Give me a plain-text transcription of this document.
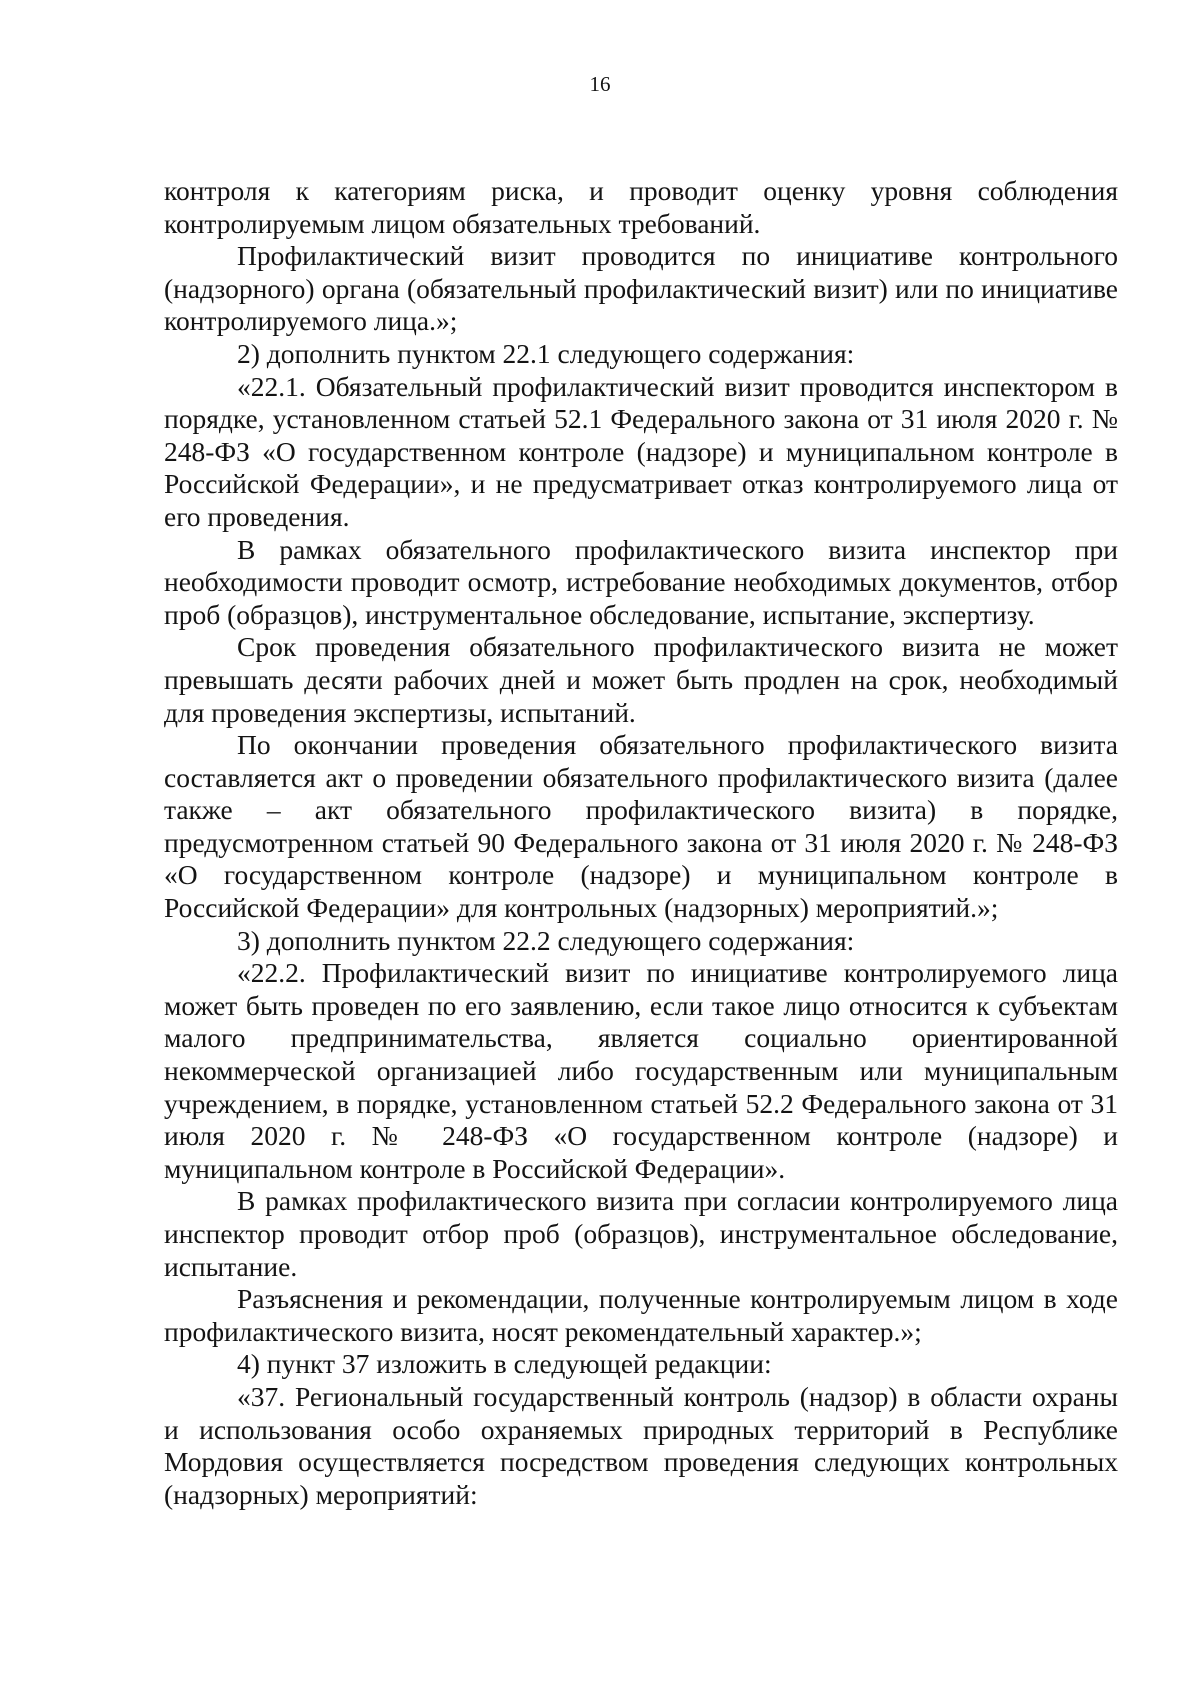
16

контроля к категориям риска, и проводит оценку уровня соблюдения контролируемым лицом обязательных требований.

Профилактический визит проводится по инициативе контрольного (надзорного) органа (обязательный профилактический визит) или по инициативе контролируемого лица.»;

2) дополнить пунктом 22.1 следующего содержания:

«22.1. Обязательный профилактический визит проводится инспектором в порядке, установленном статьей 52.1 Федерального закона от 31 июля 2020 г. № 248-ФЗ «О государственном контроле (надзоре) и муниципальном контроле в Российской Федерации», и не предусматривает отказ контролируемого лица от его проведения.

В рамках обязательного профилактического визита инспектор при необходимости проводит осмотр, истребование необходимых документов, отбор проб (образцов), инструментальное обследование, испытание, экспертизу.

Срок проведения обязательного профилактического визита не может превышать десяти рабочих дней и может быть продлен на срок, необходимый для проведения экспертизы, испытаний.

По окончании проведения обязательного профилактического визита составляется акт о проведении обязательного профилактического визита (далее также – акт обязательного профилактического визита) в порядке, предусмотренном статьей 90 Федерального закона от 31 июля 2020 г. № 248-ФЗ «О государственном контроле (надзоре) и муниципальном контроле в Российской Федерации» для контрольных (надзорных) мероприятий.»;

3) дополнить пунктом 22.2 следующего содержания:

«22.2. Профилактический визит по инициативе контролируемого лица может быть проведен по его заявлению, если такое лицо относится к субъектам малого предпринимательства, является социально ориентированной некоммерческой организацией либо государственным или муниципальным учреждением, в порядке, установленном статьей 52.2 Федерального закона от 31 июля 2020 г. № 248-ФЗ «О государственном контроле (надзоре) и муниципальном контроле в Российской Федерации».

В рамках профилактического визита при согласии контролируемого лица инспектор проводит отбор проб (образцов), инструментальное обследование, испытание.

Разъяснения и рекомендации, полученные контролируемым лицом в ходе профилактического визита, носят рекомендательный характер.»;

4) пункт 37 изложить в следующей редакции:

«37. Региональный государственный контроль (надзор) в области охраны и использования особо охраняемых природных территорий в Республике Мордовия осуществляется посредством проведения следующих контрольных (надзорных) мероприятий:
